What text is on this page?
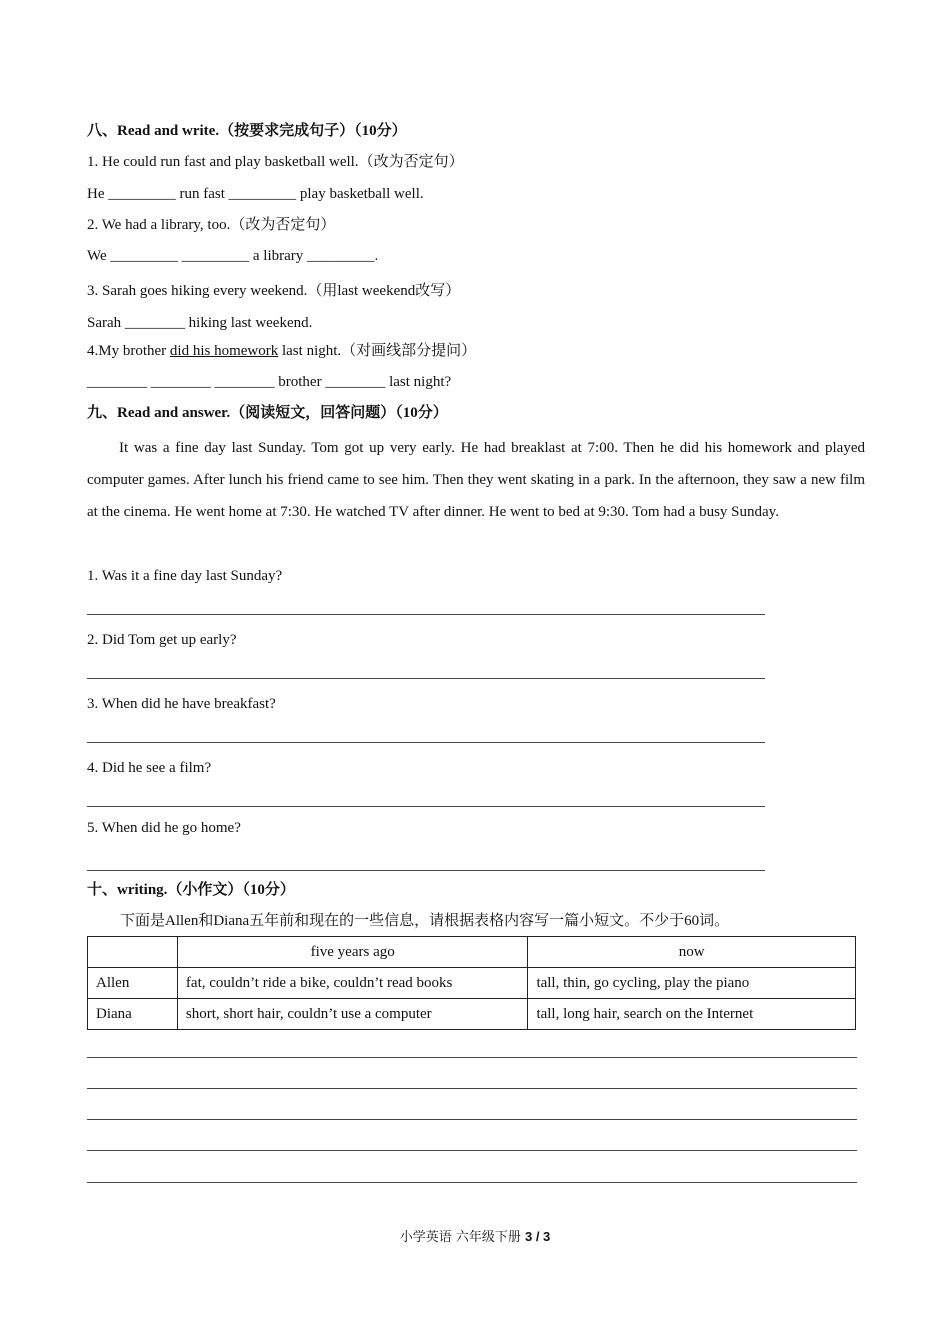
八、Read and write.（按要求完成句子）（10分）
1. He could run fast and play basketball well.（改为否定句）
He _________ run fast _________ play basketball well.
2. We had a library, too.（改为否定句）
We _________ _________ a library _________.
3. Sarah goes hiking every weekend.（用last weekend改写）
Sarah ________ hiking last weekend.
4.My brother did his homework last night.（对画线部分提问）
________ ________ ________ brother ________ last night?
九、Read and answer.（阅读短文，回答问题）（10分）
It was a fine day last Sunday. Tom got up very early. He had breaklast at 7:00. Then he did his homework and played computer games. After lunch his friend came to see him. Then they went skating in a park. In the afternoon, they saw a new film at the cinema. He went home at 7:30. He watched TV after dinner. He went to bed at 9:30. Tom had a busy Sunday.
1. Was it a fine day last Sunday?
2. Did Tom get up early?
3. When did he have breakfast?
4. Did he see a film?
5. When did he go home?
十、writing.（小作文）（10分）
下面是Allen和Diana五年前和现在的一些信息，请根据表格内容写一篇小短文。不少于60词。
	five years ago	now
Allen	fat, couldn’t ride a bike, couldn’t read books	tall, thin, go cycling, play the piano
Diana	short, short hair, couldn’t use a computer	tall, long hair, search on the Internet
小学英语 六年级下册 3 / 3
